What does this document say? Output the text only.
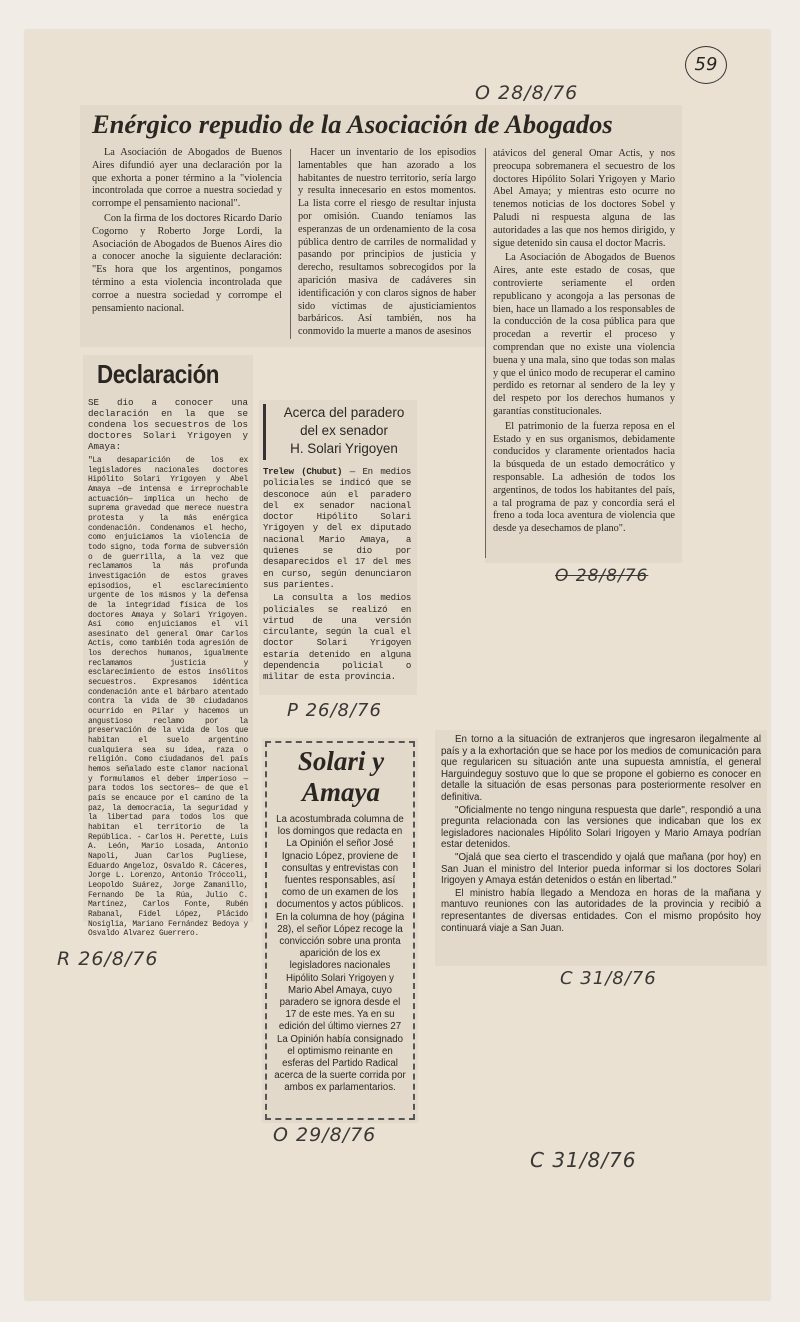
59
O 28/8/76
Enérgico repudio de la Asociación de Abogados

La Asociación de Abogados de Buenos Aires difundió ayer una declaración por la que exhorta a poner término a la "violencia incontrolada que corroe a nuestra sociedad y corrompe el pensamiento nacional".

Con la firma de los doctores Ricardo Darío Cogorno y Roberto Jorge Lordi, la Asociación de Abogados de Buenos Aires dio a conocer anoche la siguiente declaración: "Es hora que los argentinos, pongamos término a esta violencia incontrolada que corroe a nuestra sociedad y corrompe el pensamiento nacional.

Hacer un inventario de los episodios lamentables que han azorado a los habitantes de nuestro territorio, sería largo y resulta innecesario en estos momentos. La lista corre el riesgo de resultar injusta por omisión. Cuando teníamos las esperanzas de un ordenamiento de la cosa pública dentro de carriles de normalidad y pasando por principios de justicia y derecho, resultamos sobrecogidos por la aparición masiva de cadáveres sin identificación y con claros signos de haber sido víctimas de ajusticiamientos barbáricos. Así también, nos ha conmovido la muerte a manos de asesinos

atávicos del general Omar Actis, y nos preocupa sobremanera el secuestro de los doctores Hipólito Solari Yrigoyen y Mario Abel Amaya; y mientras esto ocurre no tenemos noticias de los doctores Sobel y Paludi ni respuesta alguna de las autoridades a las que nos hemos dirigido, y sigue detenido sin causa el doctor Macris.

La Asociación de Abogados de Buenos Aires, ante este estado de cosas, que controvierte seriamente el orden republicano y acongoja a las personas de bien, hace un llamado a los responsables de la conducción de la cosa pública para que procedan a revertir el proceso y comprendan que no existe una violencia buena y una mala, sino que todas son malas y que el único modo de recuperar el camino perdido es retornar al sendero de la ley y del respeto por los derechos humanos y garantías constitucionales.

El patrimonio de la fuerza reposa en el Estado y en sus organismos, debidamente conducidos y claramente orientados hacia la búsqueda de un estado democrático y responsable. La adhesión de todos los argentinos, de todos los habitantes del país, a tal programa de paz y concordia será el freno a toda loca aventura de violencia que desde ya desechamos de plano".

O 28/8/76
Declaración

SE dio a conocer una declaración en la que se condena los secuestros de los doctores Solari Yrigoyen y Amaya:

"La desaparición de los ex legisladores nacionales doctores Hipólito Solari Yrigoyen y Abel Amaya —de intensa e irreprochable actuación— implica un hecho de suprema gravedad que merece nuestra protesta y la más enérgica condenación. Condenamos el hecho, como enjuiciamos la violencia de todo signo, toda forma de subversión o de guerrilla, a la vez que reclamamos la más profunda investigación de estos graves episodios, el esclarecimiento urgente de los mismos y la defensa de la integridad física de los doctores Amaya y Solari Yrigoyen. Así como enjuiciamos el vil asesinato del general Omar Carlos Actis, como también toda agresión de los derechos humanos, igualmente reclamamos justicia y esclarecimiento de estos insólitos secuestros. Expresamos idéntica condenación ante el bárbaro atentado contra la vida de 30 ciudadanos ocurrido en Pilar y hacemos un angustioso reclamo por la preservación de la vida de los que habitan el suelo argentino cualquiera sea su idea, raza o religión. Como ciudadanos del país hemos señalado este clamor nacional y formulamos el deber imperioso —para todos los sectores— de que el país se encauce por el camino de la paz, la democracia, la seguridad y la libertad para todos los que habitan el territorio de la República. - Carlos H. Perette, Luis A. León, Mario Losada, Antonio Napoli, Juan Carlos Pugliese, Eduardo Angeloz, Osvaldo R. Cáceres, Jorge L. Lorenzo, Antonio Tróccoli, Leopoldo Suárez, Jorge Zamanillo, Fernando De la Rúa, Julio C. Martínez, Carlos Fonte, Rubén Rabanal, Fidel López, Plácido Nosiglia, Mariano Fernández Bedoya y Osvaldo Alvarez Guerrero.

R 26/8/76
Acerca del paradero
del ex senador
H. Solari Yrigoyen

Trelew (Chubut) — En medios policiales se indicó que se desconoce aún el paradero del ex senador nacional doctor Hipólito Solari Yrigoyen y del ex diputado nacional Mario Amaya, a quienes se dio por desaparecidos el 17 del mes en curso, según denunciaron sus parientes.

La consulta a los medios policiales se realizó en virtud de una versión circulante, según la cual el doctor Solari Yrigoyen estaría detenido en alguna dependencia policial o militar de esta provincia.

P 26/8/76
Solari y
Amaya

La acostumbrada columna de los domingos que redacta en La Opinión el señor José Ignacio López, proviene de consultas y entrevistas con fuentes responsables, así como de un examen de los documentos y actos públicos. En la columna de hoy (página 28), el señor López recoge la convicción sobre una pronta aparición de los ex legisladores nacionales Hipólito Solari Yrigoyen y Mario Abel Amaya, cuyo paradero se ignora desde el 17 de este mes. Ya en su edición del último viernes 27 La Opinión había consignado el optimismo reinante en esferas del Partido Radical acerca de la suerte corrida por ambos ex parlamentarios.

O 29/8/76

En torno a la situación de extranjeros que ingresaron ilegalmente al país y a la exhortación que se hace por los medios de comunicación para que regularicen su situación ante una supuesta amnistía, el general Harguindeguy sostuvo que lo que se propone el gobierno es conocer en detalle la situación de esas personas para posteriormente resolver en definitiva.

"Oficialmente no tengo ninguna respuesta que darle", respondió a una pregunta relacionada con las versiones que indicaban que los ex legisladores nacionales Hipólito Solari Irigoyen y Mario Amaya podrían estar detenidos.

"Ojalá que sea cierto el trascendido y ojalá que mañana (por hoy) en San Juan el ministro del Interior pueda informar si los doctores Solari Irigoyen y Amaya están detenidos o están en libertad."

El ministro había llegado a Mendoza en horas de la mañana y mantuvo reuniones con las autoridades de la provincia y recibió a representantes de diversas entidades. Con el mismo propósito hoy continuará viaje a San Juan.

C 31/8/76
C 31/8/76
